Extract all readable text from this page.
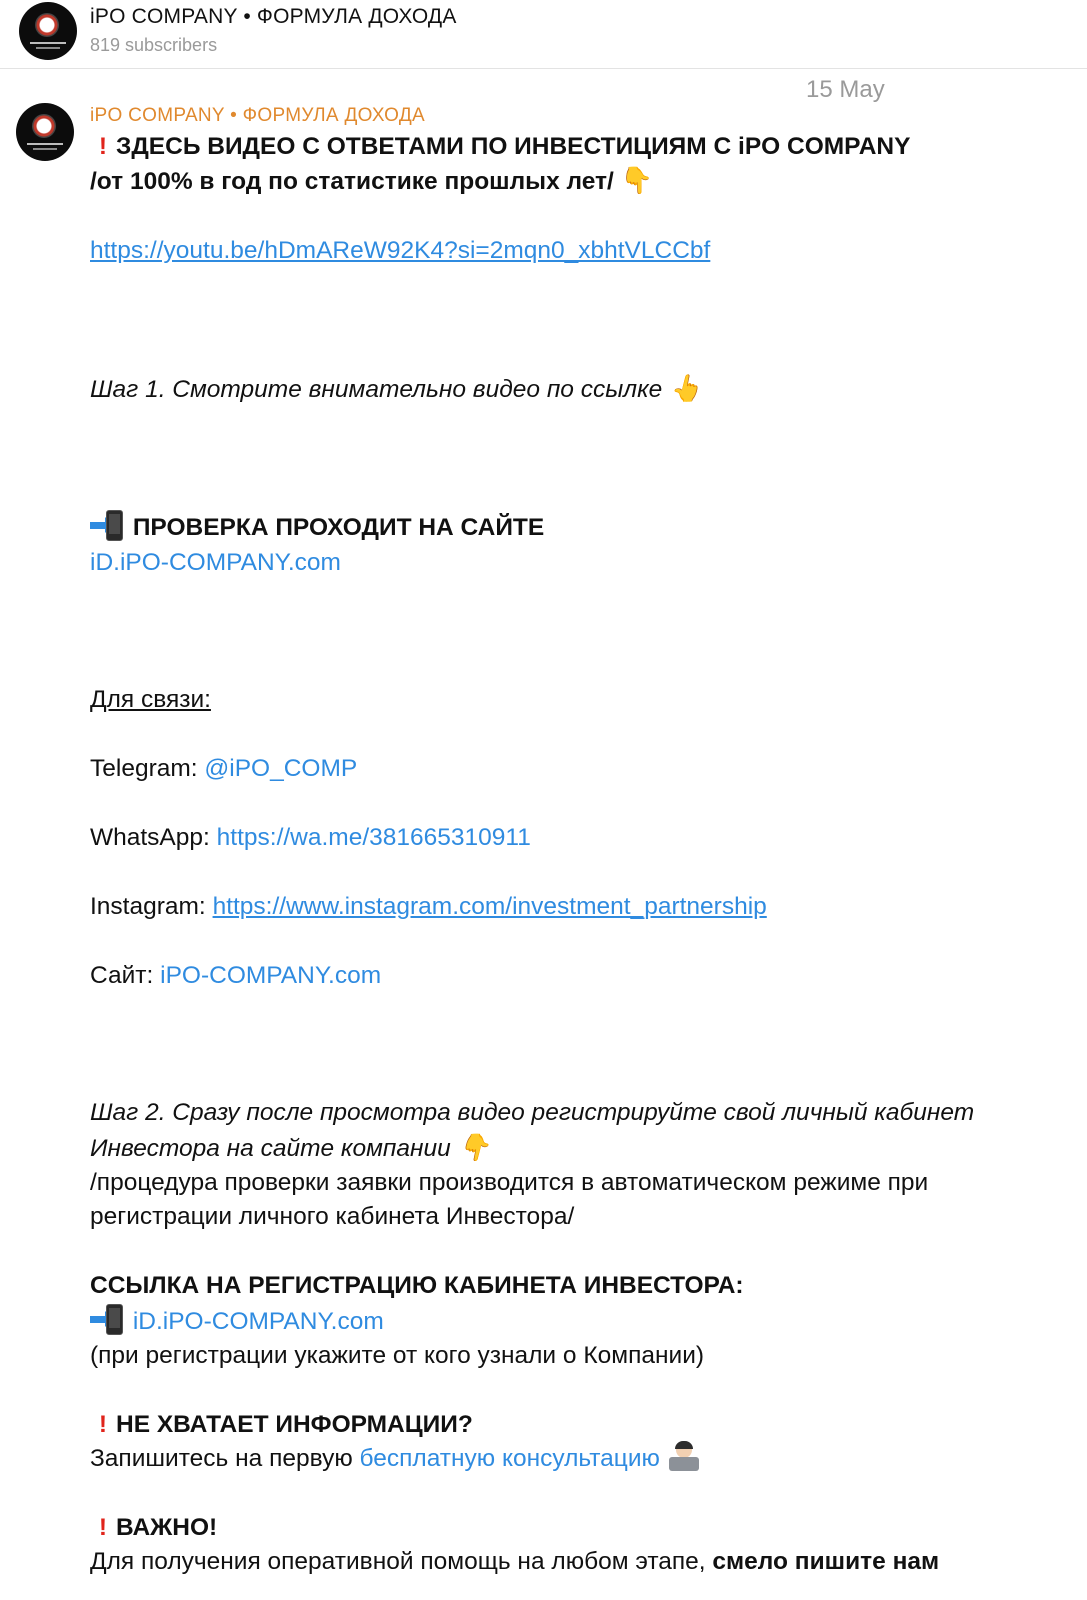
iPO COMPANY • ФОРМУЛА ДОХОДА
819 subscribers
15 May
iPO COMPANY • ФОРМУЛА ДОХОДА

! ЗДЕСЬ ВИДЕО С ОТВЕТАМИ ПО ИНВЕСТИЦИЯМ С iPO COMPANY

/от 100% в год по статистике прошлых лет/ 👇

https://youtu.be/hDmAReW92K4?si=2mqn0_xbhtVLCCbf

Шаг 1. Смотрите внимательно видео по ссылке 👆

ПРОВЕРКА ПРОХОДИТ НА САЙТЕ

iD.iPO-COMPANY.com

Для связи:

Telegram: @iPO_COMP

WhatsApp: https://wa.me/381665310911

Instagram: https://www.instagram.com/investment_partnership

Сайт: iPO-COMPANY.com

Шаг 2. Сразу после просмотра видео регистрируйте свой личный кабинет

Инвестора на сайте компании 👇

/процедура проверки заявки производится в автоматическом режиме при

регистрации личного кабинета Инвестора/

ССЫЛКА НА РЕГИСТРАЦИЮ КАБИНЕТА ИНВЕСТОРА:

iD.iPO-COMPANY.com

(при регистрации укажите от кого узнали о Компании)

! НЕ ХВАТАЕТ ИНФОРМАЦИИ?

Запишитесь на первую бесплатную консультацию

! ВАЖНО!

Для получения оперативной помощь на любом этапе, смело пишите нам
